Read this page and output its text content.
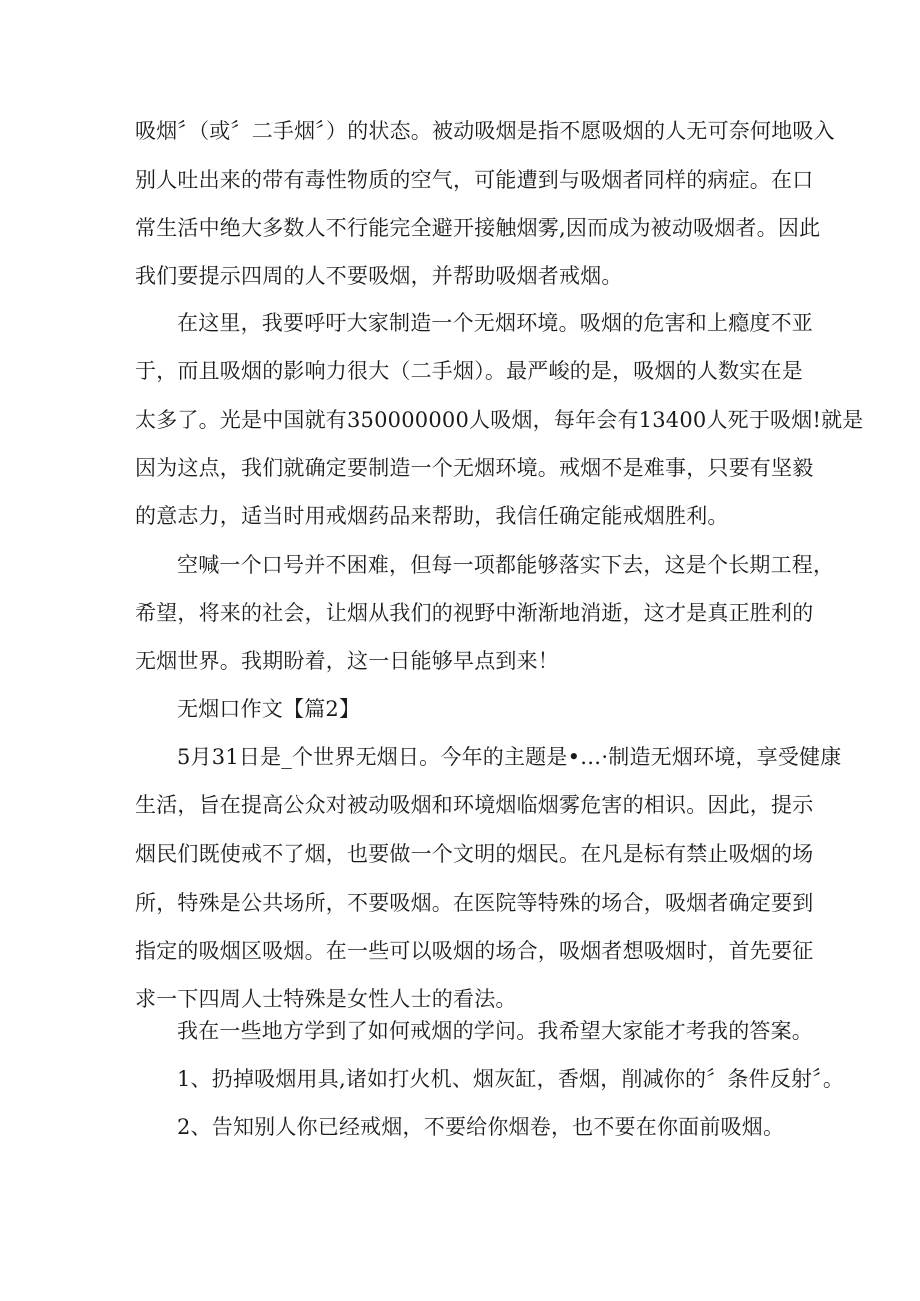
吸烟〞（或〞二手烟〞）的状态。被动吸烟是指不愿吸烟的人无可奈何地吸入
别人吐出来的带有毒性物质的空气，可能遭到与吸烟者同样的病症。在口
常生活中绝大多数人不行能完全避开接触烟雾,因而成为被动吸烟者。因此
我们要提示四周的人不要吸烟，并帮助吸烟者戒烟。
在这里，我要呼吁大家制造一个无烟环境。吸烟的危害和上瘾度不亚
于，而且吸烟的影响力很大（二手烟）。最严峻的是，吸烟的人数实在是
太多了。光是中国就有350000000人吸烟，每年会有13400人死于吸烟!就是
因为这点，我们就确定要制造一个无烟环境。戒烟不是难事，只要有坚毅
的意志力，适当时用戒烟药品来帮助，我信任确定能戒烟胜利。
空喊一个口号并不困难，但每一项都能够落实下去，这是个长期工程，
希望，将来的社会，让烟从我们的视野中渐渐地消逝，这才是真正胜利的
无烟世界。我期盼着，这一日能够早点到来！
无烟口作文【篇2】
5月31日是_个世界无烟日。今年的主题是•…·制造无烟环境，享受健康
生活，旨在提高公众对被动吸烟和环境烟临烟雾危害的相识。因此，提示
烟民们既使戒不了烟，也要做一个文明的烟民。在凡是标有禁止吸烟的场
所，特殊是公共场所，不要吸烟。在医院等特殊的场合，吸烟者确定要到
指定的吸烟区吸烟。在一些可以吸烟的场合，吸烟者想吸烟时，首先要征
求一下四周人士特殊是女性人士的看法。
我在一些地方学到了如何戒烟的学问。我希望大家能才考我的答案。
1、扔掉吸烟用具,诸如打火机、烟灰缸，香烟，削减你的〞条件反射〞。
2、告知别人你已经戒烟，不要给你烟卷，也不要在你面前吸烟。
